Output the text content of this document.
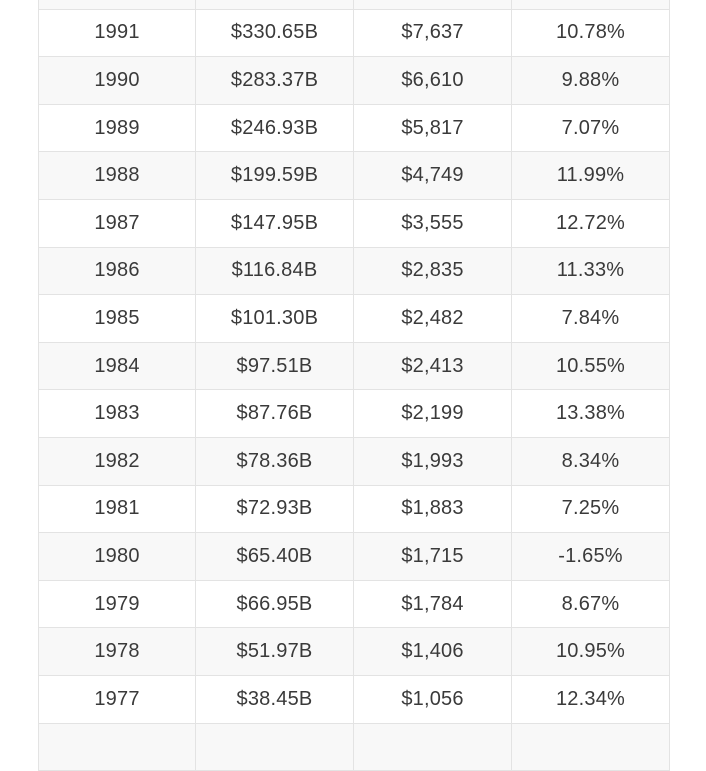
1991	$330.65B	$7,637	10.78%
1990	$283.37B	$6,610	9.88%
1989	$246.93B	$5,817	7.07%
1988	$199.59B	$4,749	11.99%
1987	$147.95B	$3,555	12.72%
1986	$116.84B	$2,835	11.33%
1985	$101.30B	$2,482	7.84%
1984	$97.51B	$2,413	10.55%
1983	$87.76B	$2,199	13.38%
1982	$78.36B	$1,993	8.34%
1981	$72.93B	$1,883	7.25%
1980	$65.40B	$1,715	-1.65%
1979	$66.95B	$1,784	8.67%
1978	$51.97B	$1,406	10.95%
1977	$38.45B	$1,056	12.34%
